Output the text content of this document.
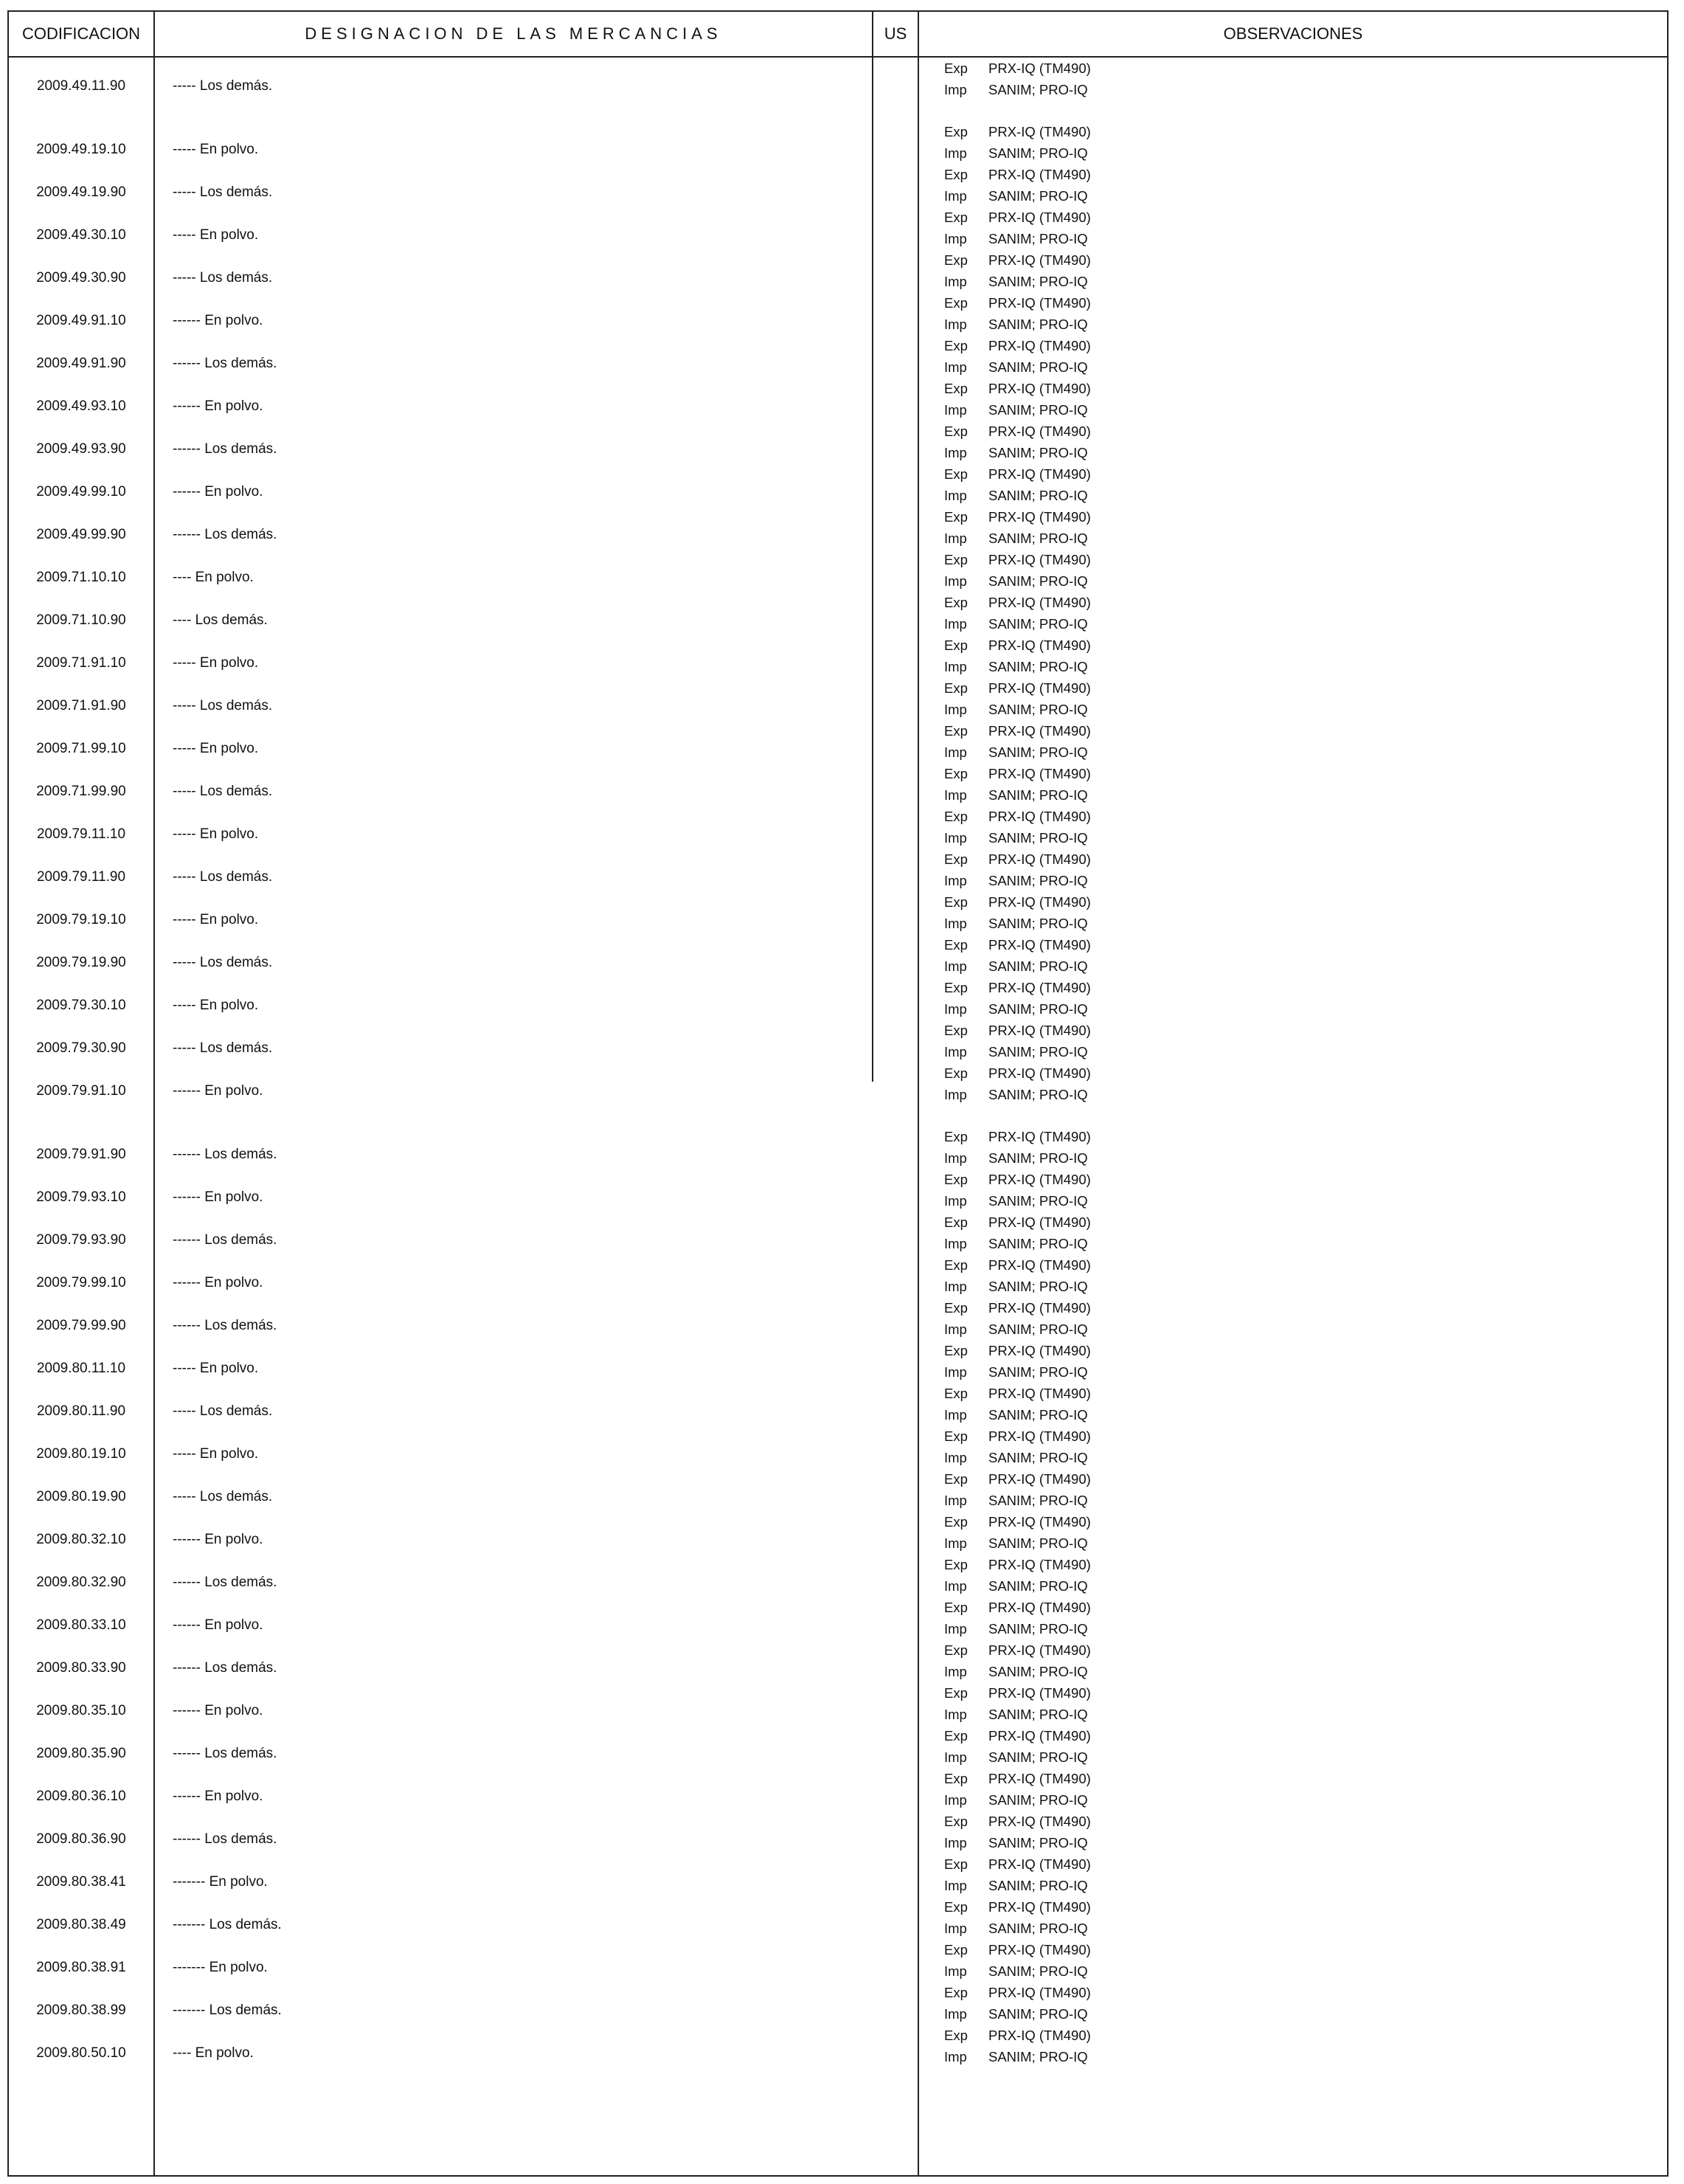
CODIFICACION	DESIGNACION DE LAS MERCANCIAS	US	OBSERVACIONES
2009.49.11.90	----- Los demás.
Exp PRX-IQ (TM490)
Imp SANIM; PRO-IQ
2009.49.19.10	----- En polvo.
Exp PRX-IQ (TM490)
Imp SANIM; PRO-IQ
2009.49.19.90	----- Los demás.
Exp PRX-IQ (TM490)
Imp SANIM; PRO-IQ
2009.49.30.10	----- En polvo.
Exp PRX-IQ (TM490)
Imp SANIM; PRO-IQ
2009.49.30.90	----- Los demás.
Exp PRX-IQ (TM490)
Imp SANIM; PRO-IQ
2009.49.91.10	------ En polvo.
Exp PRX-IQ (TM490)
Imp SANIM; PRO-IQ
2009.49.91.90	------ Los demás.
Exp PRX-IQ (TM490)
Imp SANIM; PRO-IQ
2009.49.93.10	------ En polvo.
Exp PRX-IQ (TM490)
Imp SANIM; PRO-IQ
2009.49.93.90	------ Los demás.
Exp PRX-IQ (TM490)
Imp SANIM; PRO-IQ
2009.49.99.10	------ En polvo.
Exp PRX-IQ (TM490)
Imp SANIM; PRO-IQ
2009.49.99.90	------ Los demás.
Exp PRX-IQ (TM490)
Imp SANIM; PRO-IQ
2009.71.10.10	---- En polvo.
Exp PRX-IQ (TM490)
Imp SANIM; PRO-IQ
2009.71.10.90	---- Los demás.
Exp PRX-IQ (TM490)
Imp SANIM; PRO-IQ
2009.71.91.10	----- En polvo.
Exp PRX-IQ (TM490)
Imp SANIM; PRO-IQ
2009.71.91.90	----- Los demás.
Exp PRX-IQ (TM490)
Imp SANIM; PRO-IQ
2009.71.99.10	----- En polvo.
Exp PRX-IQ (TM490)
Imp SANIM; PRO-IQ
2009.71.99.90	----- Los demás.
Exp PRX-IQ (TM490)
Imp SANIM; PRO-IQ
2009.79.11.10	----- En polvo.
Exp PRX-IQ (TM490)
Imp SANIM; PRO-IQ
2009.79.11.90	----- Los demás.
Exp PRX-IQ (TM490)
Imp SANIM; PRO-IQ
2009.79.19.10	----- En polvo.
Exp PRX-IQ (TM490)
Imp SANIM; PRO-IQ
2009.79.19.90	----- Los demás.
Exp PRX-IQ (TM490)
Imp SANIM; PRO-IQ
2009.79.30.10	----- En polvo.
Exp PRX-IQ (TM490)
Imp SANIM; PRO-IQ
2009.79.30.90	----- Los demás.
Exp PRX-IQ (TM490)
Imp SANIM; PRO-IQ
2009.79.91.10	------ En polvo.
Exp PRX-IQ (TM490)
Imp SANIM; PRO-IQ
2009.79.91.90	------ Los demás.
Exp PRX-IQ (TM490)
Imp SANIM; PRO-IQ
2009.79.93.10	------ En polvo.
Exp PRX-IQ (TM490)
Imp SANIM; PRO-IQ
2009.79.93.90	------ Los demás.
Exp PRX-IQ (TM490)
Imp SANIM; PRO-IQ
2009.79.99.10	------ En polvo.
Exp PRX-IQ (TM490)
Imp SANIM; PRO-IQ
2009.79.99.90	------ Los demás.
Exp PRX-IQ (TM490)
Imp SANIM; PRO-IQ
2009.80.11.10	----- En polvo.
Exp PRX-IQ (TM490)
Imp SANIM; PRO-IQ
2009.80.11.90	----- Los demás.
Exp PRX-IQ (TM490)
Imp SANIM; PRO-IQ
2009.80.19.10	----- En polvo.
Exp PRX-IQ (TM490)
Imp SANIM; PRO-IQ
2009.80.19.90	----- Los demás.
Exp PRX-IQ (TM490)
Imp SANIM; PRO-IQ
2009.80.32.10	------ En polvo.
Exp PRX-IQ (TM490)
Imp SANIM; PRO-IQ
2009.80.32.90	------ Los demás.
Exp PRX-IQ (TM490)
Imp SANIM; PRO-IQ
2009.80.33.10	------ En polvo.
Exp PRX-IQ (TM490)
Imp SANIM; PRO-IQ
2009.80.33.90	------ Los demás.
Exp PRX-IQ (TM490)
Imp SANIM; PRO-IQ
2009.80.35.10	------ En polvo.
Exp PRX-IQ (TM490)
Imp SANIM; PRO-IQ
2009.80.35.90	------ Los demás.
Exp PRX-IQ (TM490)
Imp SANIM; PRO-IQ
2009.80.36.10	------ En polvo.
Exp PRX-IQ (TM490)
Imp SANIM; PRO-IQ
2009.80.36.90	------ Los demás.
Exp PRX-IQ (TM490)
Imp SANIM; PRO-IQ
2009.80.38.41	------- En polvo.
Exp PRX-IQ (TM490)
Imp SANIM; PRO-IQ
2009.80.38.49	------- Los demás.
Exp PRX-IQ (TM490)
Imp SANIM; PRO-IQ
2009.80.38.91	------- En polvo.
Exp PRX-IQ (TM490)
Imp SANIM; PRO-IQ
2009.80.38.99	------- Los demás.
Exp PRX-IQ (TM490)
Imp SANIM; PRO-IQ
2009.80.50.10	---- En polvo.
Exp PRX-IQ (TM490)
Imp SANIM; PRO-IQ
